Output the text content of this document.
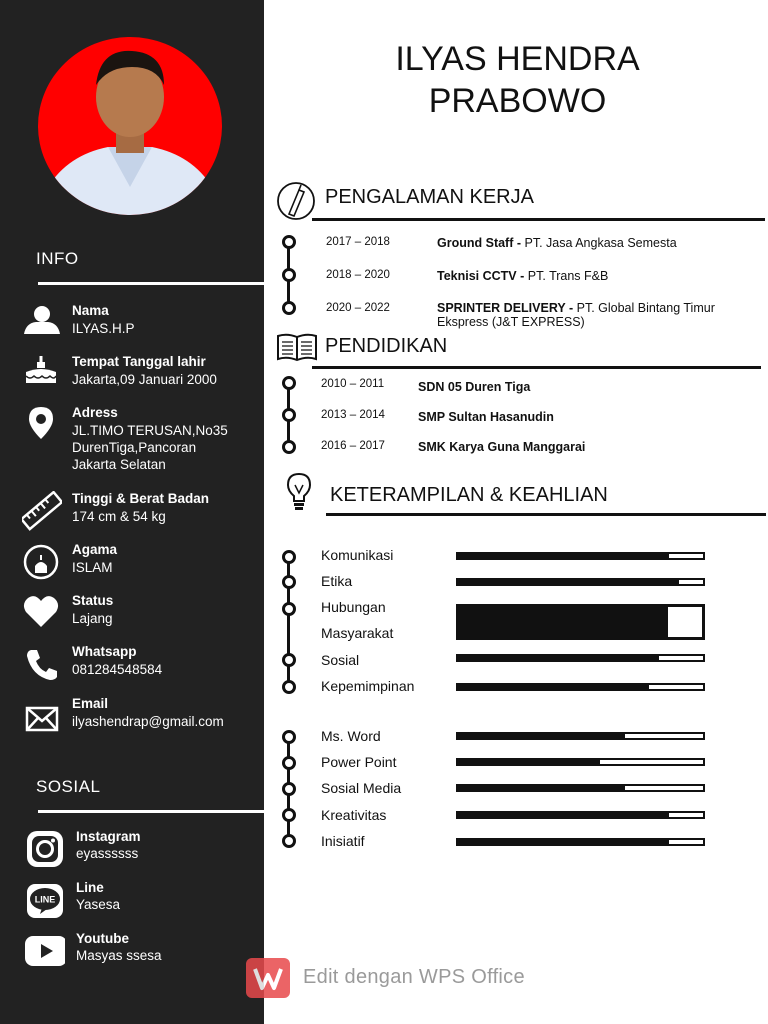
INFO
Nama
ILYAS.H.P
Tempat Tanggal lahir
Jakarta,09 Januari 2000
Adress
JL.TIMO TERUSAN,No35
DurenTiga,Pancoran
Jakarta Selatan
Tinggi & Berat Badan
174 cm & 54 kg
Agama
ISLAM
Status
Lajang
Whatsapp
081284548584
Email
ilyashendrap@gmail.com
SOSIAL
Instagram
eyassssss
LINE
Line
Yasesa
Youtube
Masyas ssesa
ILYAS HENDRA
PRABOWO
PENGALAMAN KERJA
2017 – 2018	Ground Staff - PT. Jasa Angkasa Semesta
2018 – 2020	Teknisi CCTV - PT. Trans F&B
2020 – 2022	SPRINTER DELIVERY - PT. Global Bintang Timur Ekspress (J&T EXPRESS)
PENDIDIKAN
2010 – 2011	SDN 05 Duren Tiga
2013 – 2014	SMP Sultan Hasanudin
2016 – 2017	SMK Karya Guna Manggarai
KETERAMPILAN & KEAHLIAN
Komunikasi
Etika
Hubungan
Masyarakat
Sosial
Kepemimpinan
Ms. Word
Power Point
Sosial Media
Kreativitas
Inisiatif
Edit dengan WPS Office
